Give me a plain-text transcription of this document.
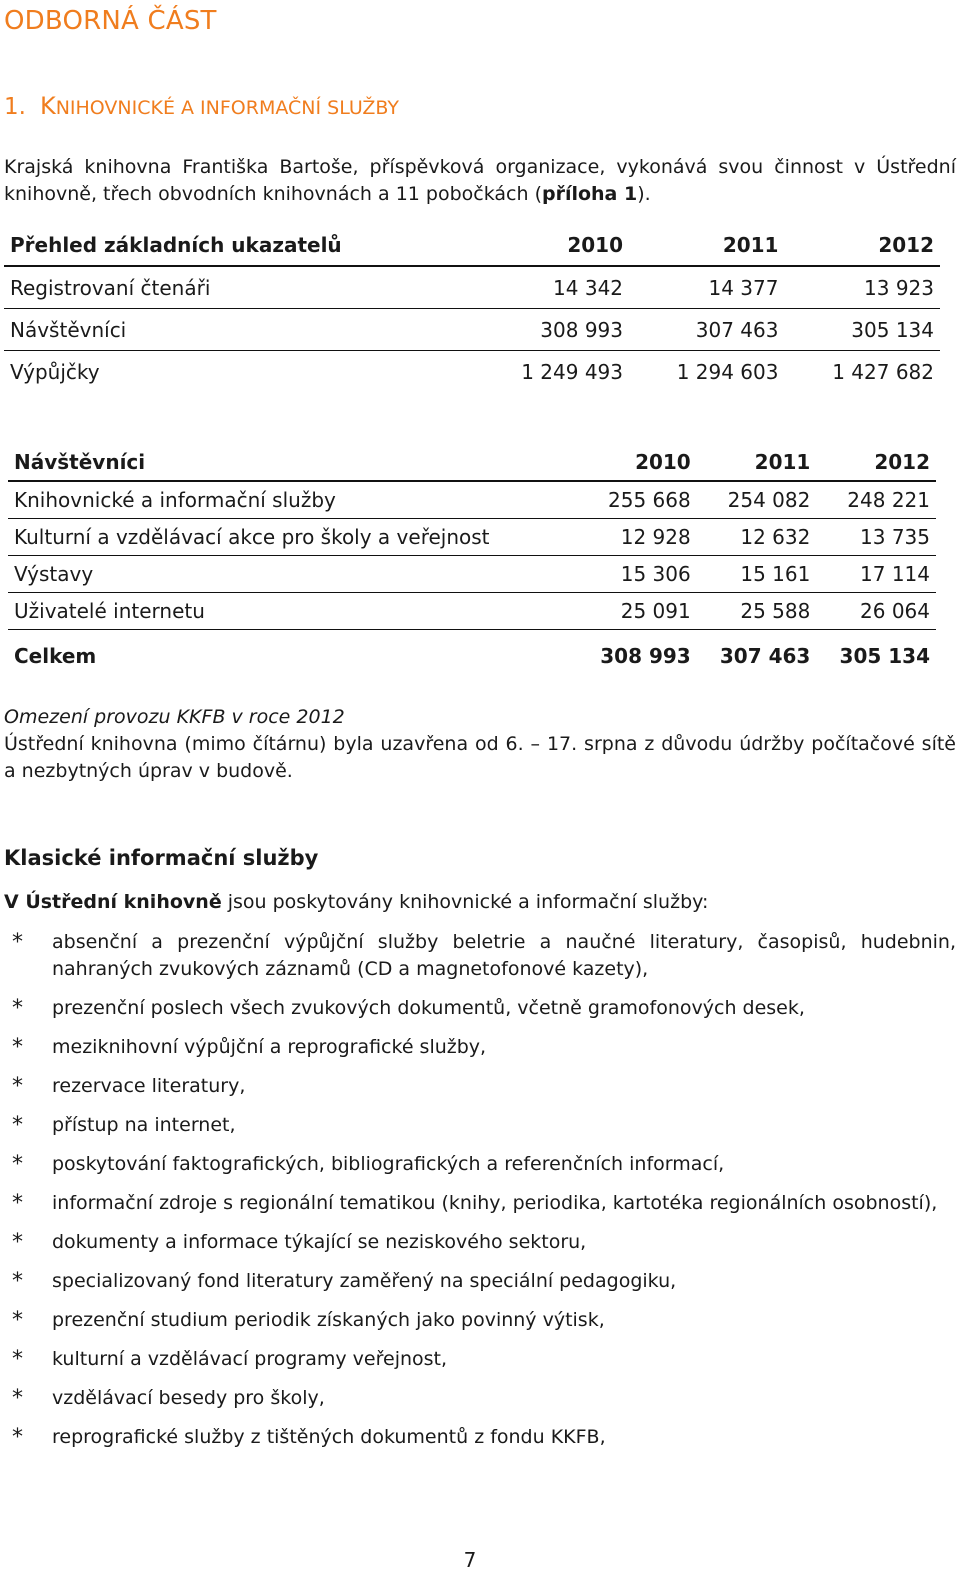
ODBORNÁ ČÁST
1. KNIHOVNICKÉ A INFORMAČNÍ SLUŽBY

Krajská knihovna Františka Bartoše, příspěvková organizace, vykonává svou činnost v Ústřední knihovně, třech obvodních knihovnách a 11 pobočkách (příloha 1).

Přehled základních ukazatelů	2010	2011	2012
Registrovaní čtenáři	14 342	14 377	13 923
Návštěvníci	308 993	307 463	305 134
Výpůjčky	1 249 493	1 294 603	1 427 682
Návštěvníci	2010	2011	2012
Knihovnické a informační služby	255 668	254 082	248 221
Kulturní a vzdělávací akce pro školy a veřejnost	12 928	12 632	13 735
Výstavy	15 306	15 161	17 114
Uživatelé internetu	25 091	25 588	26 064
Celkem	308 993	307 463	305 134

Omezení provozu KKFB v roce 2012
Ústřední knihovna (mimo čítárnu) byla uzavřena od 6. – 17. srpna z důvodu údržby počítačové sítě a nezbytných úprav v budově.

Klasické informační služby

V Ústřední knihovně jsou poskytovány knihovnické a informační služby:

* absenční a prezenční výpůjční služby beletrie a naučné literatury, časopisů, hudebnin, nahraných zvukových záznamů (CD a magnetofonové kazety),
* prezenční poslech všech zvukových dokumentů, včetně gramofonových desek,
* meziknihovní výpůjční a reprografické služby,
* rezervace literatury,
* přístup na internet,
* poskytování faktografických, bibliografických a referenčních informací,
* informační zdroje s regionální tematikou (knihy, periodika, kartotéka regionálních osobností),
* dokumenty a informace týkající se neziskového sektoru,
* specializovaný fond literatury zaměřený na speciální pedagogiku,
* prezenční studium periodik získaných jako povinný výtisk,
* kulturní a vzdělávací programy veřejnost,
* vzdělávací besedy pro školy,
* reprografické služby z tištěných dokumentů z fondu KKFB,

7
